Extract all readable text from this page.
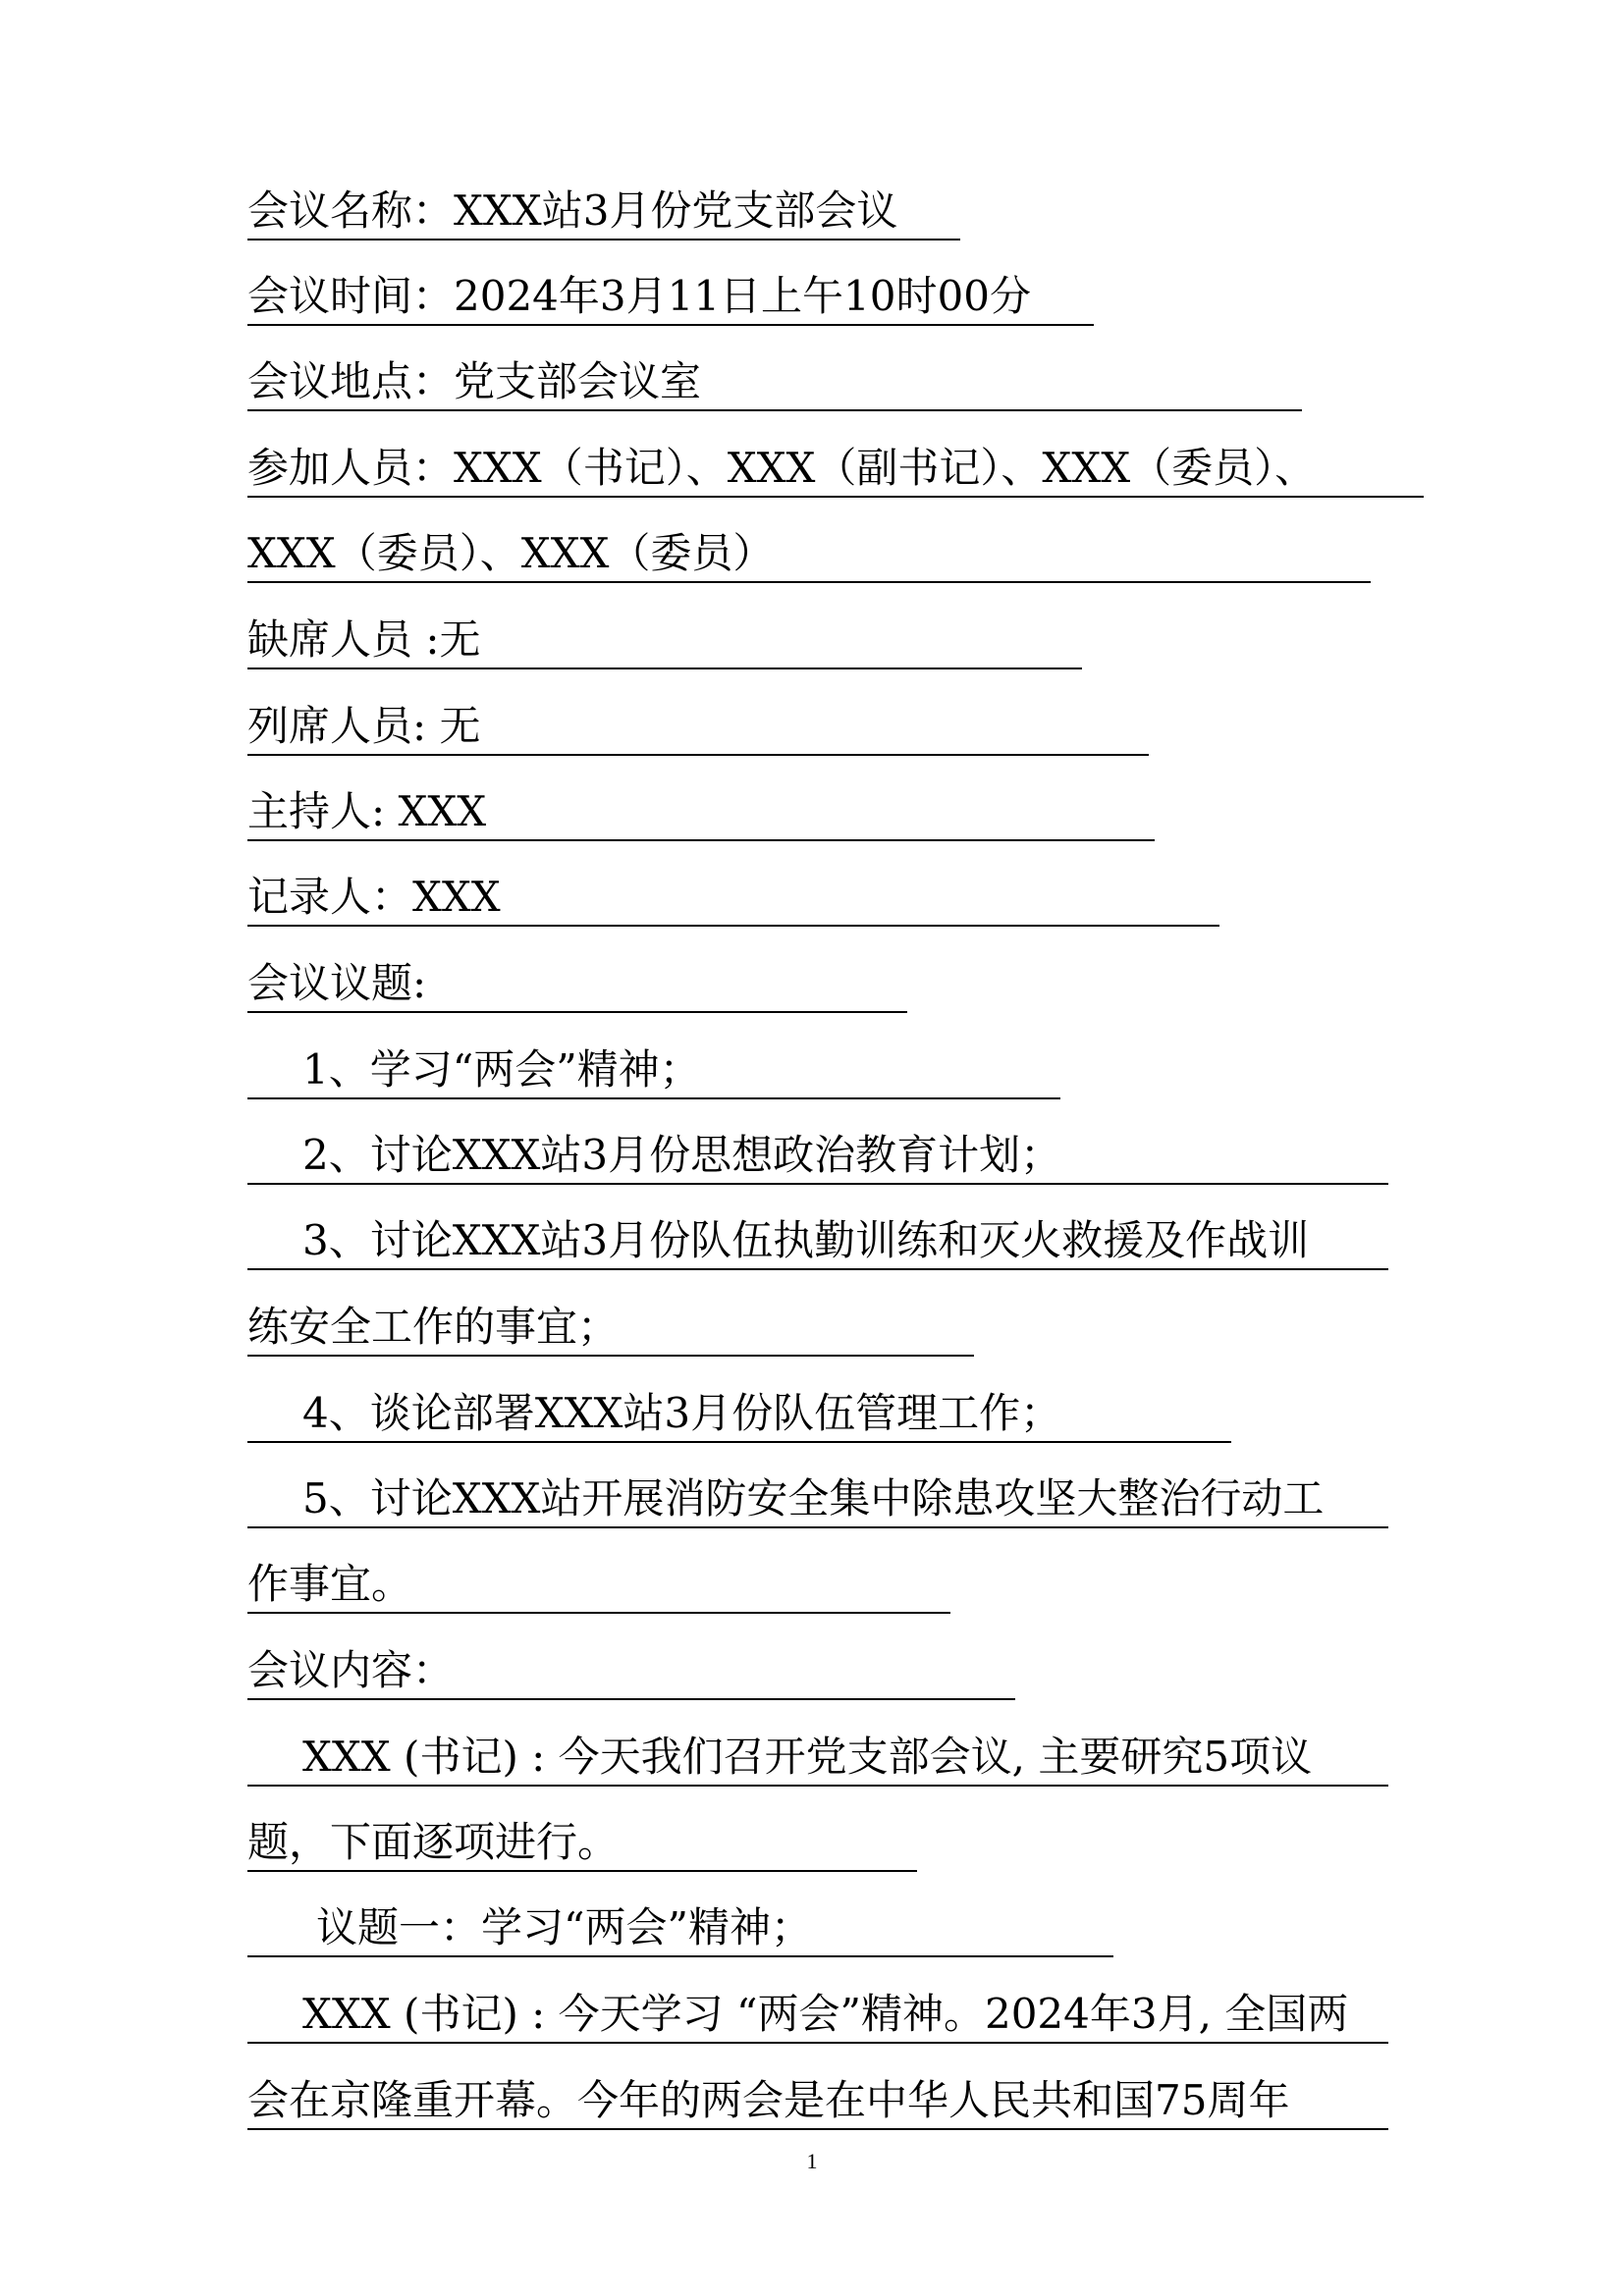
会议名称：XXX站3月份党支部会议
会议时间：2024年3月11日上午10时00分
会议地点：党支部会议室
参加人员：XXX（书记）、XXX（副书记）、XXX（委员）、
XXX（委员）、XXX（委员）
缺席人员 :无
列席人员: 无
主持人: XXX
记录人：XXX
会议议题:
1、学习“两会”精神；
2、讨论XXX站3月份思想政治教育计划；
3、讨论XXX站3月份队伍执勤训练和灭火救援及作战训
练安全工作的事宜；
4、谈论部署XXX站3月份队伍管理工作；
5、讨论XXX站开展消防安全集中除患攻坚大整治行动工
作事宜。
会议内容：
XXX (书记) : 今天我们召开党支部会议, 主要研究5项议
题，下面逐项进行。
议题一：学习“两会”精神；
XXX (书记) : 今天学习 “两会”精神。2024年3月, 全国两
会在京隆重开幕。今年的两会是在中华人民共和国75周年
1
